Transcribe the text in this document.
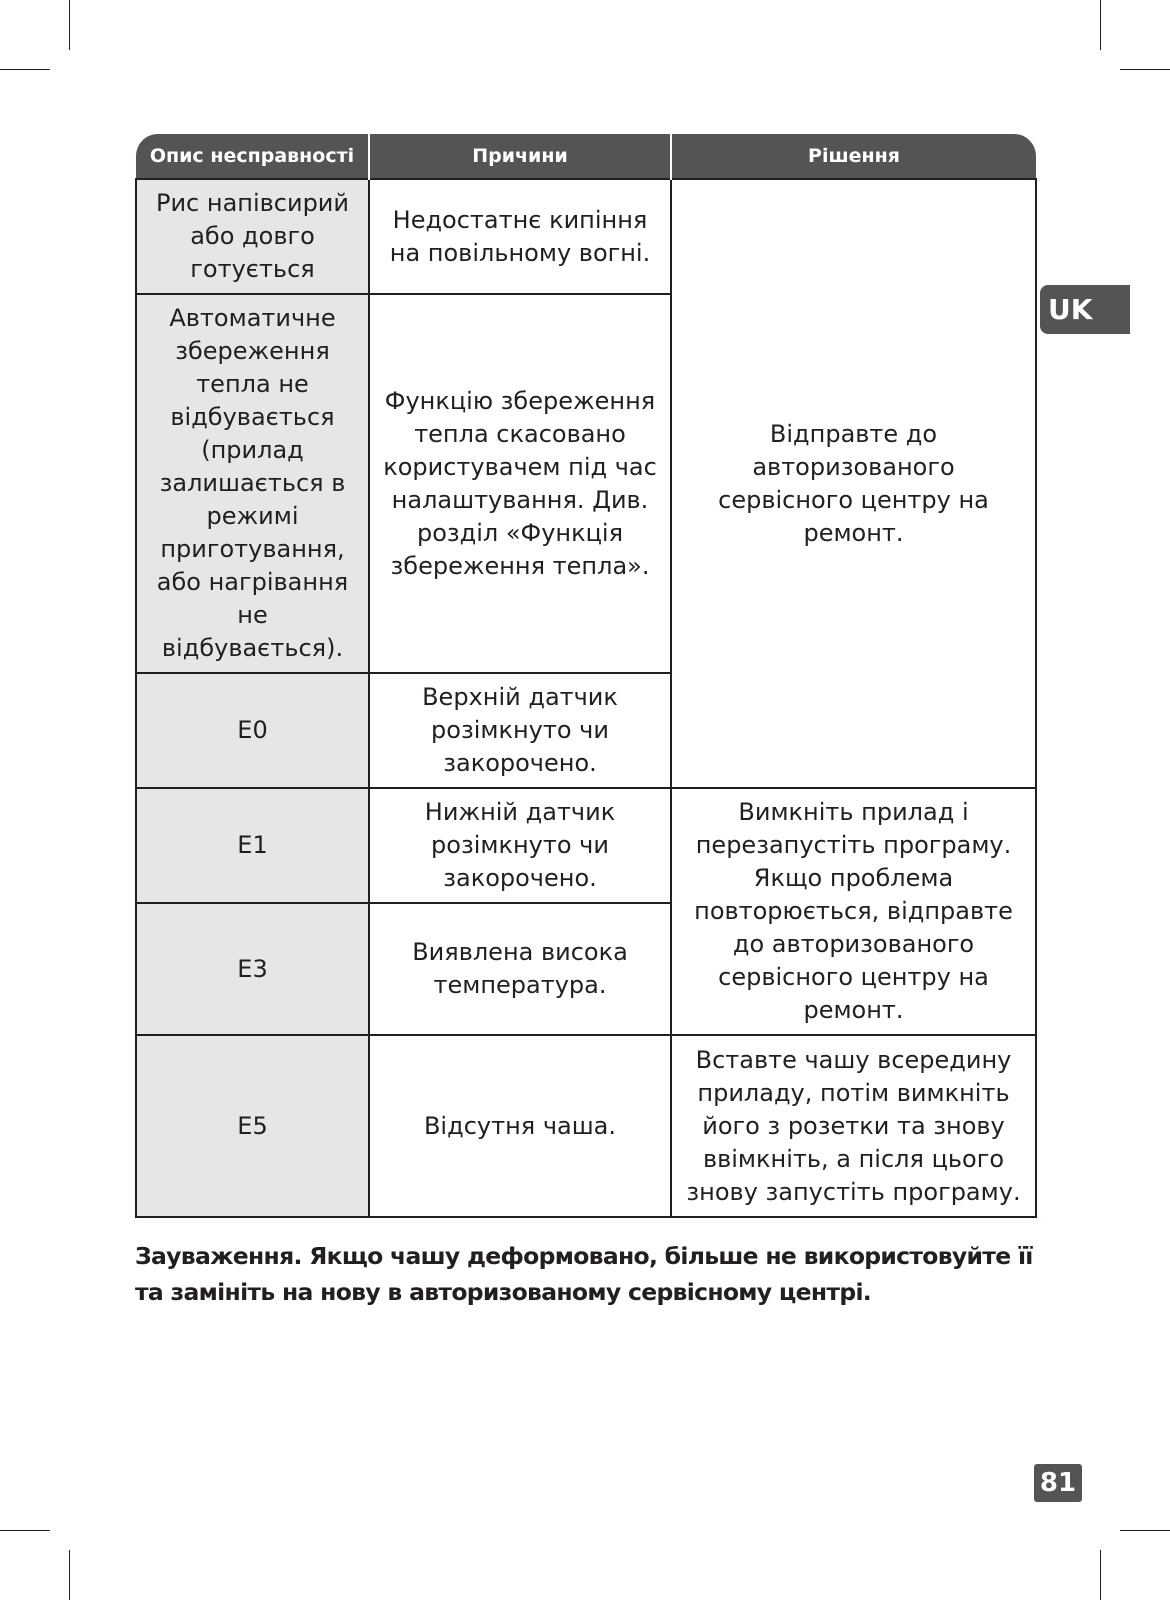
UK
Опис несправності	Причини	Рішення
Рис напівсирий або довго готується	Недостатнє кипіння на повільному вогні.	Відправте до авторизованого сервісного центру на ремонт.
Автоматичне збереження тепла не відбувається (прилад залишається в режимі приготування, або нагрівання не відбувається).	Функцію збереження тепла скасовано користувачем під час налаштування. Див. розділ «Функція збереження тепла».	
E0	Верхній датчик розімкнуто чи закорочено.	
E1	Нижній датчик розімкнуто чи закорочено.	Вимкніть прилад і перезапустіть програму. Якщо проблема повторюється, відправте до авторизованого сервісного центру на ремонт.
E3	Виявлена висока температура.	
E5	Відсутня чаша.	Вставте чашу всередину приладу, потім вимкніть його з розетки та знову ввімкніть, а після цього знову запустіть програму.

Зауваження. Якщо чашу деформовано, більше не використовуйте її та замініть на нову в авторизованому сервісному центрі.

81
